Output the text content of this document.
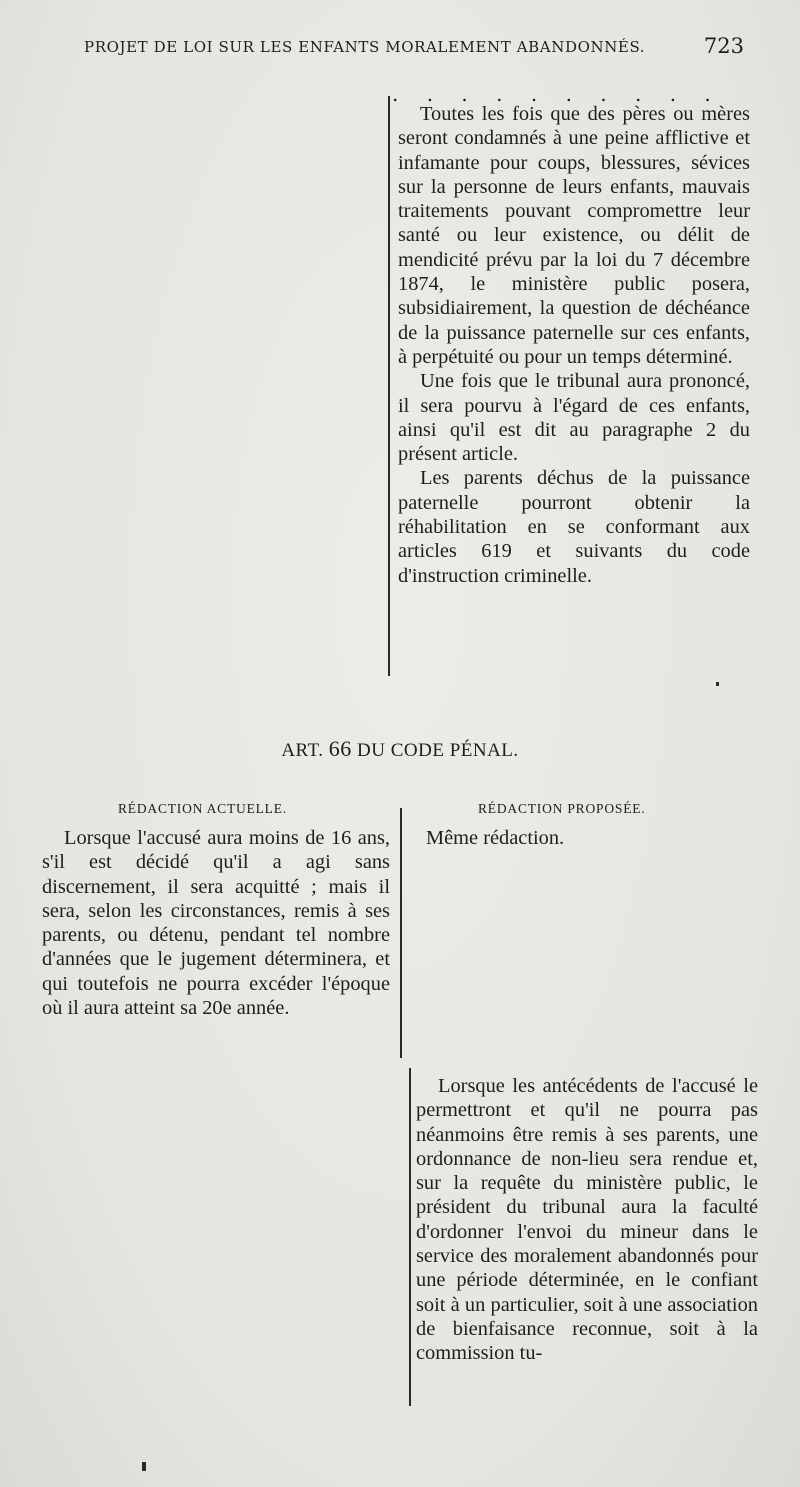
PROJET DE LOI SUR LES ENFANTS MORALEMENT ABANDONNÉS.	723
. . . . . . . . . .

Toutes les fois que des pères ou mères seront condamnés à une peine afflictive et infamante pour coups, blessures, sévices sur la personne de leurs enfants, mauvais traitements pouvant compromettre leur santé ou leur existence, ou délit de mendicité prévu par la loi du 7 décembre 1874, le ministère public posera, subsidiairement, la question de déchéance de la puissance paternelle sur ces enfants, à perpétuité ou pour un temps déterminé.

Une fois que le tribunal aura prononcé, il sera pourvu à l'égard de ces enfants, ainsi qu'il est dit au paragraphe 2 du présent article.

Les parents déchus de la puissance paternelle pourront obtenir la réhabilitation en se conformant aux articles 619 et suivants du code d'instruction criminelle.

ART. 66 DU CODE PÉNAL.
RÉDACTION ACTUELLE.	RÉDACTION PROPOSÉE.

Lorsque l'accusé aura moins de 16 ans, s'il est décidé qu'il a agi sans discernement, il sera acquitté ; mais il sera, selon les circonstances, remis à ses parents, ou détenu, pendant tel nombre d'années que le jugement déterminera, et qui toutefois ne pourra excéder l'époque où il aura atteint sa 20e année.

Même rédaction.

Lorsque les antécédents de l'accusé le permettront et qu'il ne pourra pas néanmoins être remis à ses parents, une ordonnance de non-lieu sera rendue et, sur la requête du ministère public, le président du tribunal aura la faculté d'ordonner l'envoi du mineur dans le service des moralement abandonnés pour une période déterminée, en le confiant soit à un particulier, soit à une association de bienfaisance reconnue, soit à la commission tu-
